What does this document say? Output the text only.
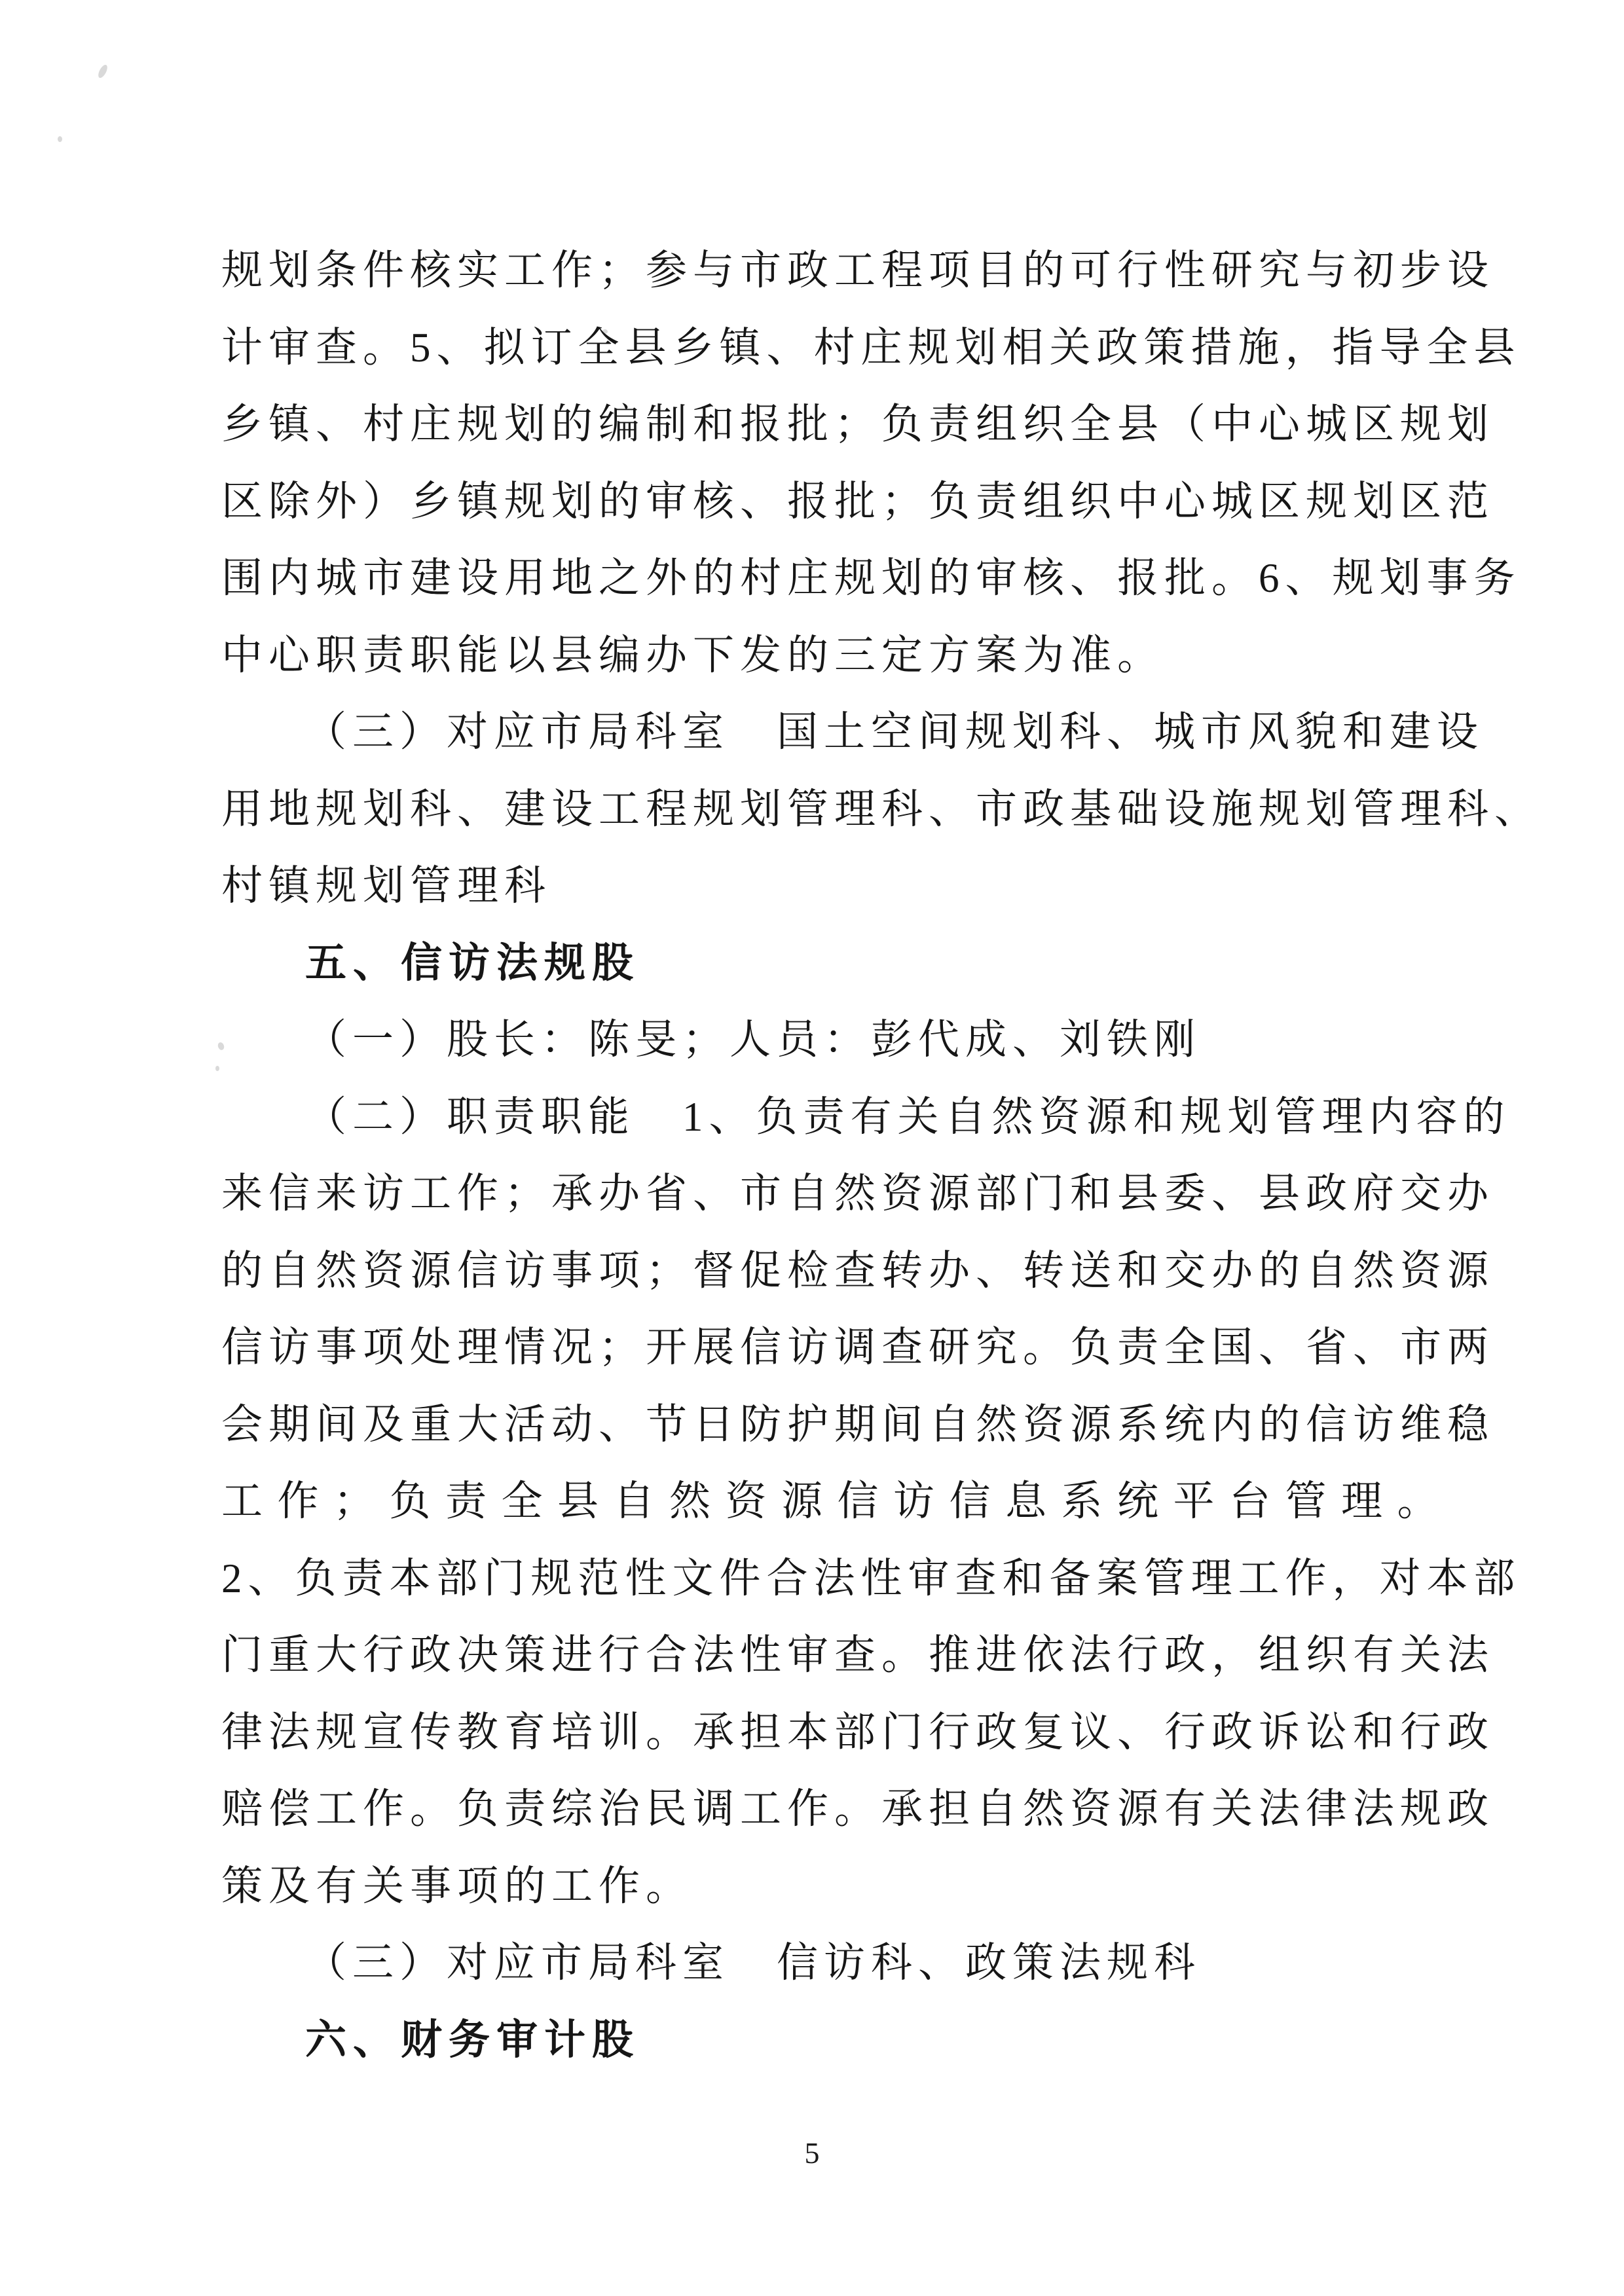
规划条件核实工作；参与市政工程项目的可行性研究与初步设
计审查。5、拟订全县乡镇、村庄规划相关政策措施，指导全县
乡镇、村庄规划的编制和报批；负责组织全县（中心城区规划
区除外）乡镇规划的审核、报批；负责组织中心城区规划区范
围内城市建设用地之外的村庄规划的审核、报批。6、规划事务
中心职责职能以县编办下发的三定方案为准。
（三）对应市局科室　国土空间规划科、城市风貌和建设
用地规划科、建设工程规划管理科、市政基础设施规划管理科、
村镇规划管理科
五、信访法规股
（一）股长：陈旻；人员：彭代成、刘铁刚
（二）职责职能　1、负责有关自然资源和规划管理内容的
来信来访工作；承办省、市自然资源部门和县委、县政府交办
的自然资源信访事项；督促检查转办、转送和交办的自然资源
信访事项处理情况；开展信访调查研究。负责全国、省、市两
会期间及重大活动、节日防护期间自然资源系统内的信访维稳
工作；负责全县自然资源信访信息系统平台管理。
2、负责本部门规范性文件合法性审查和备案管理工作，对本部
门重大行政决策进行合法性审查。推进依法行政，组织有关法
律法规宣传教育培训。承担本部门行政复议、行政诉讼和行政
赔偿工作。负责综治民调工作。承担自然资源有关法律法规政
策及有关事项的工作。
（三）对应市局科室　信访科、政策法规科
六、财务审计股
5
